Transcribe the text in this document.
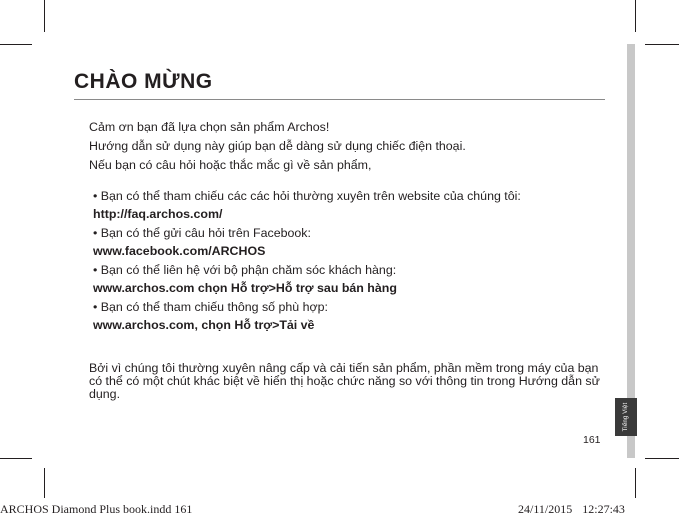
Tiếng Việt
CHÀO MỪNG

Cảm ơn bạn đã lựa chọn sản phẩm Archos!

Hướng dẫn sử dụng này giúp bạn dễ dàng sử dụng chiếc điện thoại.

Nếu bạn có câu hỏi hoặc thắc mắc gì về sản phẩm,

• Bạn có thể tham chiếu các các hỏi thường xuyên trên website của chúng tôi:
http://faq.archos.com/
• Bạn có thể gửi câu hỏi trên Facebook:
www.facebook.com/ARCHOS
• Bạn có thể liên hệ với bộ phận chăm sóc khách hàng:
www.archos.com chọn Hỗ trợ>Hỗ trợ sau bán hàng
• Bạn có thể tham chiếu thông số phù hợp:
www.archos.com, chọn Hỗ trợ>Tải về

Bởi vì chúng tôi thường xuyên nâng cấp và cải tiến sản phẩm, phần mềm trong máy của bạn có thể có một chút khác biệt về hiển thị hoặc chức năng so với thông tin trong Hướng dẫn sử dụng.

161
ARCHOS Diamond Plus book.indd 161	24/11/2015 12:27:43
